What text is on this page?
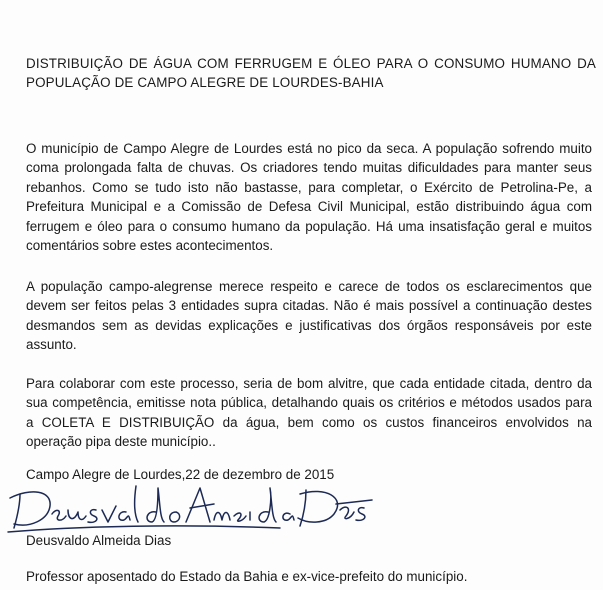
DISTRIBUIÇÃO DE ÁGUA COM FERRUGEM E ÓLEO PARA O CONSUMO HUMANO DA POPULAÇÃO DE CAMPO ALEGRE DE LOURDES-BAHIA

O município de Campo Alegre de Lourdes está no pico da seca. A população sofrendo muito coma prolongada falta de chuvas. Os criadores tendo muitas dificuldades para manter seus rebanhos. Como se tudo isto não bastasse, para completar, o Exército de Petrolina-Pe, a Prefeitura Municipal e a Comissão de Defesa Civil Municipal, estão distribuindo água com ferrugem e óleo para o consumo humano da população. Há uma insatisfação geral e muitos comentários sobre estes acontecimentos.

A população campo-alegrense merece respeito e carece de todos os esclarecimentos que devem ser feitos pelas 3 entidades supra citadas. Não é mais possível a continuação destes desmandos sem as devidas explicações e justificativas dos órgãos responsáveis por este assunto.

Para colaborar com este processo, seria de bom alvitre, que cada entidade citada, dentro da sua competência, emitisse nota pública, detalhando quais os critérios e métodos usados para a COLETA E DISTRIBUIÇÃO da água, bem como os custos financeiros envolvidos na operação pipa deste município..

Campo Alegre de Lourdes,22 de dezembro de 2015

Deusvaldo Almeida Dias

Professor aposentado do Estado da Bahia e ex-vice-prefeito do município.
